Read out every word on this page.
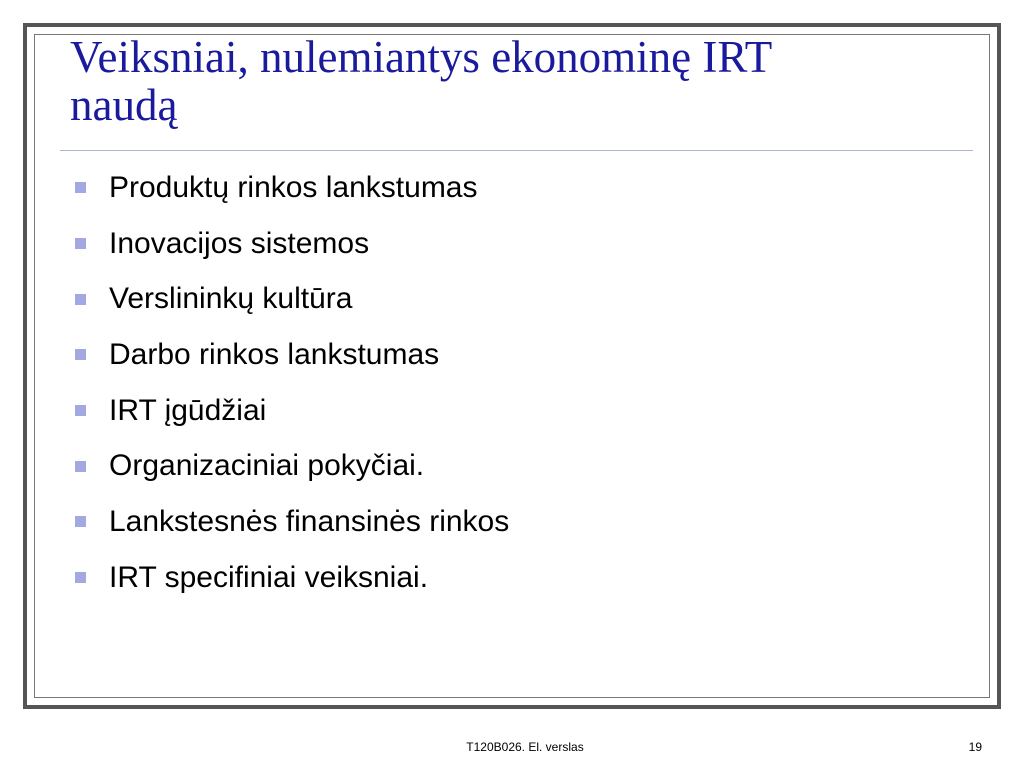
Veiksniai, nulemiantys ekonominę IRT
naudą
Produktų rinkos lankstumas
Inovacijos sistemos
Verslininkų kultūra
Darbo rinkos lankstumas
IRT įgūdžiai
Organizaciniai pokyčiai.
Lankstesnės finansinės rinkos
IRT specifiniai veiksniai.
T120B026. El. verslas	19
